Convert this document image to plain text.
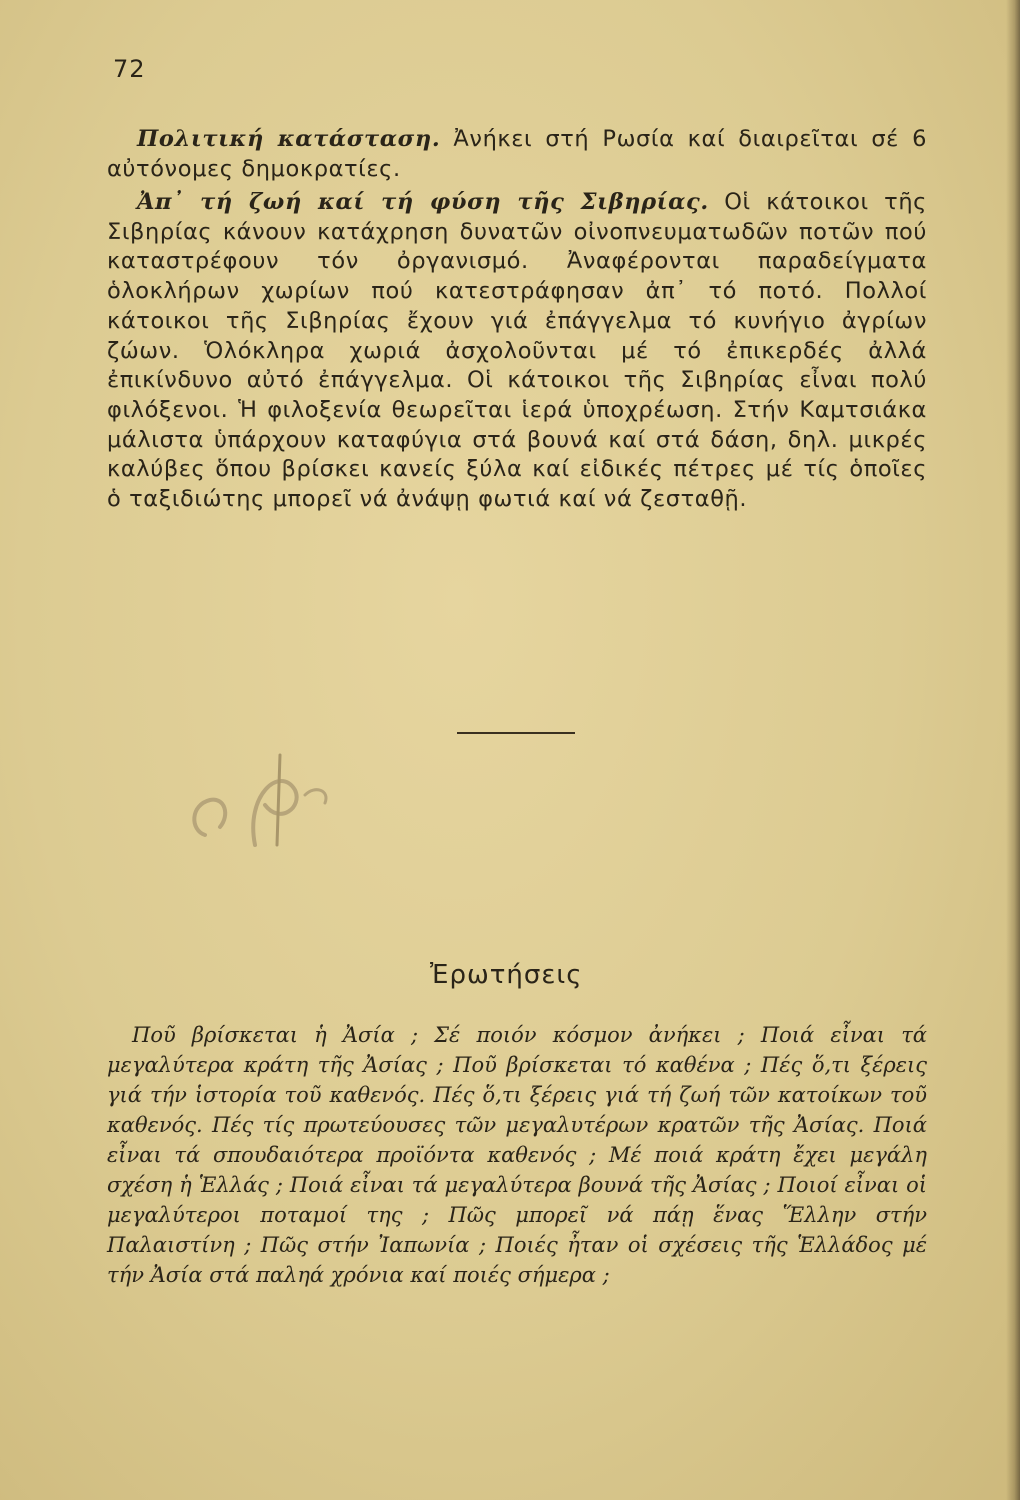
72

Πολιτική κατάσταση. Ἀνήκει στή Ρωσία καί διαιρεῖται σέ 6 αὐτόνομες δημοκρατίες.

Ἀπ᾽ τή ζωή καί τή φύση τῆς Σιβηρίας. Οἱ κάτοικοι τῆς Σιβηρίας κάνουν κατάχρηση δυνατῶν οἰνοπνευματωδῶν ποτῶν πού καταστρέφουν τόν ὀργανισμό. Ἀναφέρονται παραδείγματα ὁλοκλήρων χωρίων πού κατεστράφησαν ἀπ᾽ τό ποτό. Πολλοί κάτοικοι τῆς Σιβηρίας ἔχουν γιά ἐπάγγελμα τό κυνήγιο ἀγρίων ζώων. Ὁλόκληρα χωριά ἀσχολοῦνται μέ τό ἐπικερδές ἀλλά ἐπικίνδυνο αὐτό ἐπάγγελμα. Οἱ κάτοικοι τῆς Σιβηρίας εἶναι πολύ φιλόξενοι. Ἡ φιλοξενία θεωρεῖται ἱερά ὑποχρέωση. Στήν Καμτσιάκα μάλιστα ὑπάρχουν καταφύγια στά βουνά καί στά δάση, δηλ. μικρές καλύβες ὅπου βρίσκει κανείς ξύλα καί εἰδικές πέτρες μέ τίς ὁποῖες ὁ ταξιδιώτης μπορεῖ νά ἀνάψῃ φωτιά καί νά ζεσταθῇ.

Ἐρωτήσεις

Ποῦ βρίσκεται ἡ Ἀσία ; Σέ ποιόν κόσμον ἀνήκει ; Ποιά εἶναι τά μεγαλύτερα κράτη τῆς Ἀσίας ; Ποῦ βρίσκεται τό καθένα ; Πές ὅ,τι ξέρεις γιά τήν ἱστορία τοῦ καθενός. Πές ὅ,τι ξέρεις γιά τή ζωή τῶν κατοίκων τοῦ καθενός. Πές τίς πρωτεύουσες τῶν μεγαλυτέρων κρατῶν τῆς Ἀσίας. Ποιά εἶναι τά σπουδαιότερα προϊόντα καθενός ; Μέ ποιά κράτη ἔχει μεγάλη σχέση ἡ Ἑλλάς ; Ποιά εἶναι τά μεγαλύτερα βουνά τῆς Ἀσίας ; Ποιοί εἶναι οἱ μεγαλύτεροι ποταμοί της ; Πῶς μπορεῖ νά πάῃ ἕνας Ἕλλην στήν Παλαιστίνη ; Πῶς στήν Ἰαπωνία ; Ποιές ἦταν οἱ σχέσεις τῆς Ἑλλάδος μέ τήν Ἀσία στά παληά χρόνια καί ποιές σήμερα ;
